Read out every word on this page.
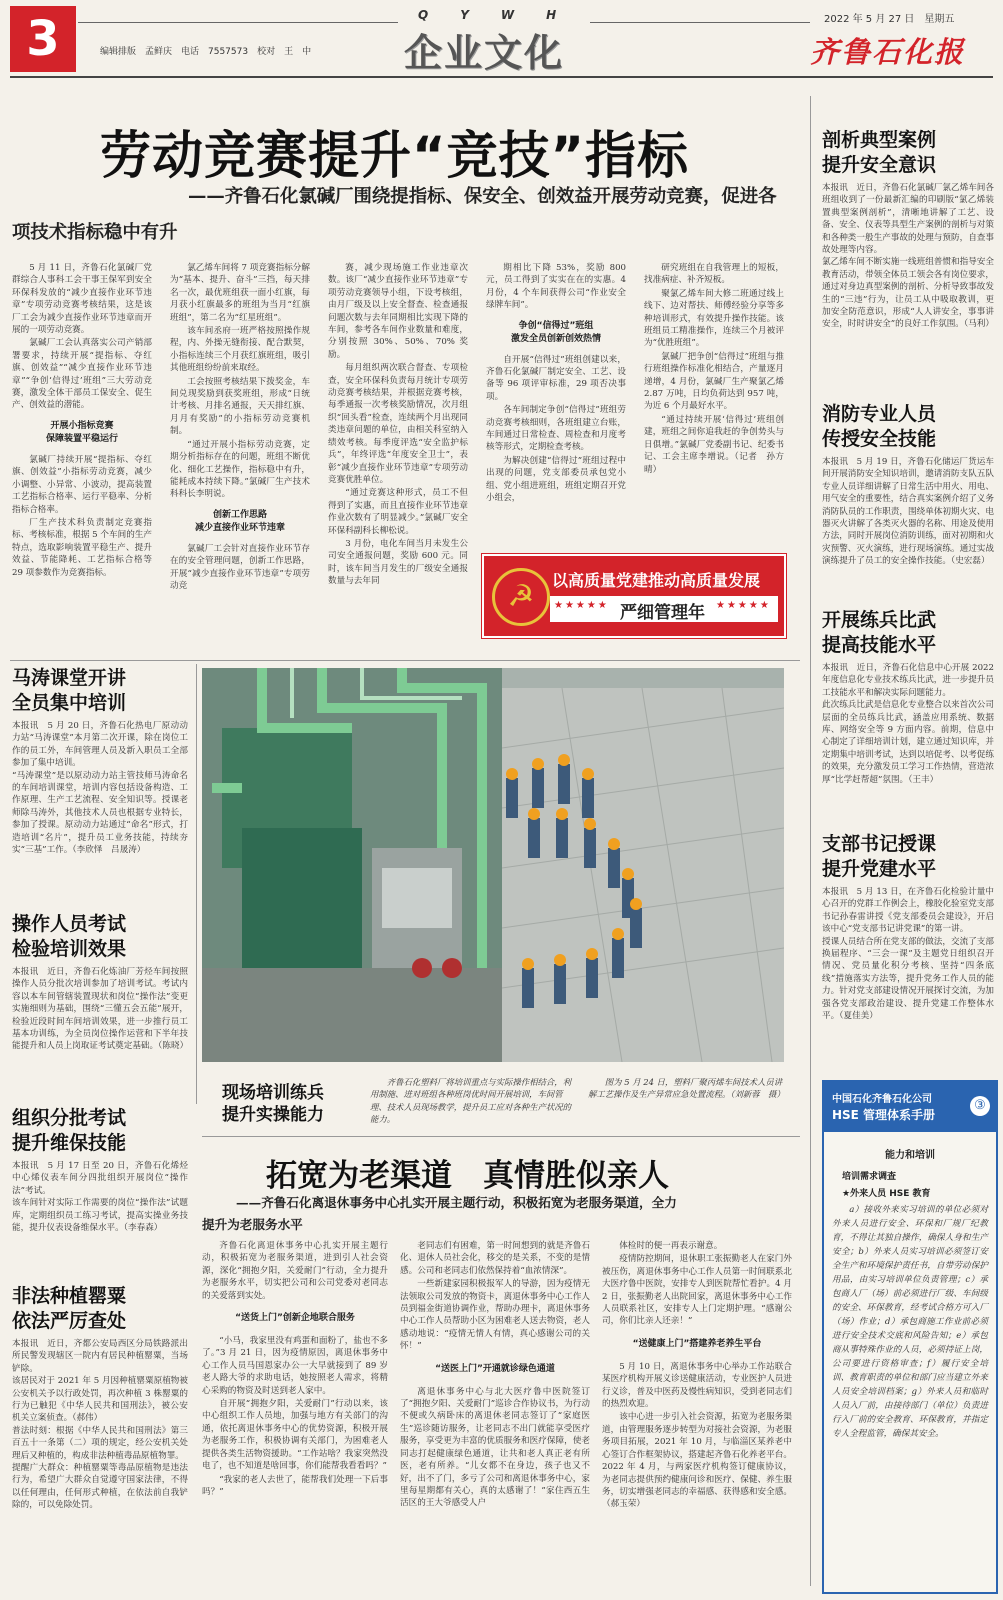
3	编辑排版　孟鲜庆　电话　7557573　校对　王　中
Q　Y　W　H
企业文化
2022 年 5 月 27 日　星期五
齐鲁石化报
劳动竞赛提升“竞技”指标
——齐鲁石化氯碱厂围绕提指标、保安全、创效益开展劳动竞赛，促进各
项技术指标稳中有升

5 月 11 日，齐鲁石化氯碱厂党群综合人事科工会干事王保军到安全环保科发放的“减少直接作业环节违章”专项劳动竞赛考核结果，这是该厂工会为减少直接作业环节违章而开展的一项劳动竞赛。

氯碱厂工会认真落实公司产销部署要求，持续开展“提指标、夺红旗、创效益”“减少直接作业环节违章”“争创‘信得过’班组”三大劳动竞赛，激发全体干部员工保安全、促生产、创效益的潜能。

开展小指标竞赛
保障装置平稳运行

氯碱厂持续开展“提指标、夺红旗、创效益”小指标劳动竞赛，减少小调整、小异常、小波动，提高装置工艺指标合格率、运行平稳率、分析指标合格率。

厂生产技术科负责制定竞赛指标、考核标准，根据 5 个车间的生产特点，选取影响装置平稳生产、提升效益、节能降耗、工艺指标合格等 29 项参数作为竞赛指标。

氯乙烯车间将 7 项竞赛指标分解为“基本、提升、奋斗”三挡，每天排名一次，最优班组获一面小红旗，每月获小红旗最多的班组为当月“红旗班组”，第二名为“红星班组”。

该车间丞府一班严格按照操作规程，内、外操无缝衔接、配合默契，小指标连续三个月获红旗班组，吸引其他班组纷纷前来取经。

工会按照考核结果下拨奖金，车间兑现奖励到获奖班组，形成“日统计考核、月排名通报，天天排红旗、月月有奖励”的小指标劳动竞赛机制。

“通过开展小指标劳动竞赛，定期分析指标存在的问题，班组不断优化、细化工艺操作，指标稳中有升，能耗成本持续下降。”氯碱厂生产技术科科长李明说。

创新工作思路
减少直接作业环节违章

氯碱厂工会针对直接作业环节存在的安全管理问题，创新工作思路，开展“减少直接作业环节违章”专项劳动竞

赛，减少现场施工作业违章次数。该厂“减少直接作业环节违章”专项劳动竞赛领导小组，下设考核组，由月厂级及以上安全督查、检查通报问题次数与去年同期相比实现下降的车间，参考各车间作业数量和难度，分别按照 30%、50%、70% 奖励。

每月组织两次联合督查、专项检查，安全环保科负责每月统计专项劳动竞赛考核结果，并根据竞赛考核，每季通报一次考核奖励情况，次月组织“回头看”检查，连续两个月出现同类违章问题的单位，由相关科室纳入绩效考核。每季度评选“安全监护标兵”，年终评选“年度安全卫士”，表彰“减少直接作业环节违章”专项劳动竞赛优胜单位。

“通过竞赛这种形式，员工不但得到了实惠，而且直接作业环节违章作业次数有了明显减少。”氯碱厂安全环保科副科长柳松说。

3 月份，电化车间当月未发生公司安全通报问题，奖励 600 元。同时，该车间当月发生的厂级安全通报数量与去年同

期相比下降 53%，奖励 800 元，员工得到了实实在在的实惠。4 月份，4 个车间获得公司“作业安全绿牌车间”。

争创“信得过”班组
激发全员创新创效热情

自开展“信得过”班组创建以来，齐鲁石化氯碱厂制定安全、工艺、设备等 96 项评审标准，29 项否决事项。

各车间制定争创“信得过”班组劳动竞赛考核细则，各班组建立台账，车间通过日常检查、周检查和月度考核等形式，定期检查考核。

为解决创建“信得过”班组过程中出现的问题，党支部委员承包党小组、党小组进班组，班组定期召开党小组会，

研究班组在自我管理上的短板，找准病症、补齐短板。

聚氯乙烯车间大修二班通过线上线下、边对帮扶、师傅经验分享等多种培训形式，有效提升操作技能。该班组员工精准操作，连续三个月被评为“优胜班组”。

氯碱厂把争创“信得过”班组与推行班组操作标准化相结合，产量逐月递增，4 月份，氯碱厂生产聚氯乙烯 2.87 万吨，日均负荷达到 957 吨，为近 6 个月最好水平。

“通过持续开展‘信得过’班组创建，班组之间你追我赶的争创势头与日俱增。”氯碱厂党委副书记、纪委书记、工会主席李增说。（记者　孙方晴）

☭	以高质量党建推动高质量发展
★★★★★ 严细管理年 ★★★★★
现场培训练兵
提升实操能力
齐鲁石化塑料厂将培训重点与实际操作相结合，利用制施、进对班组各种班岗优时间开展培训，车间管理、技术人员现场教学，提升员工应对各种生产状况的能力。
图为 5 月 24 日，塑料厂聚丙烯车间技术人员讲解工艺操作及生产异常应急处置流程。（刘新蓉　摄）
马涛课堂开讲
全员集中培训
本报讯　5 月 20 日，齐鲁石化热电厂原动动力站“马涛课堂”本月第二次开课，除在岗位工作的员工外，车间管理人员及新入职员工全部参加了集中培训。
“马涛课堂”是以原动动力站主管技师马涛命名的车间培训课堂，培训内容包括设备构造、工作原理、生产工艺流程、安全知识等。授课老师除马涛外，其他技术人员也根据专业特长，参加了授课。原动动力站通过“命名”形式，打造培训“名片”，提升员工业务技能，持续夯实“三基”工作。（李欣怿　吕晟涛）
操作人员考试
检验培训效果
本报讯　近日，齐鲁石化炼油厂芳烃车间按照操作人员分批次培训参加了培训考试。考试内容以本车间管辖装置现状和岗位“操作法”变更实施细则为基础，围绕“三懂五会五能”展开，检验近段时间车间培训效果，进一步推行员工基本功训练，为全员岗位操作运营和下半年技能提升和人员上岗取证考试奠定基础。（陈晓）
组织分批考试
提升维保技能
本报讯　5 月 17 日至 20 日，齐鲁石化烯烃中心烯仪表车间分四批组织开展岗位“操作法”考试。
该车间针对实际工作需要的岗位“操作法”试题库，定期组织员工练习考试，提高实操业务技能，提升仪表设备维保水平。（李春森）
非法种植罂粟
依法严厉查处
本报讯　近日，齐都公安局西区分局铁路派出所民警发现辖区一院内有居民种植罂粟，当场铲除。
该居民对于 2021 年 5 月因种植罂粟原植物被公安机关予以行政处罚，再次种植 3 株罂粟的行为已触犯《中华人民共和国刑法》，被公安机关立案侦查。（郝伟）
普法时刻：根据《中华人民共和国刑法》第三百五十一条第（二）项的规定，经公安机关处理后又种植的，构成非法种植毒品原植物罪。
提醒广大群众：种植罂粟等毒品原植物是违法行为，希望广大群众自觉遵守国家法律，不得以任何理由，任何形式种植，在依法前自我铲除的，可以免除处罚。
剖析典型案例
提升安全意识
本报讯　近日，齐鲁石化氯碱厂氯乙烯车间各班组收到了一份最新汇编的印刷版“氯乙烯装置典型案例剖析”，清晰地讲解了工艺、设备、安全、仪表等具型生产案例的剖析与对策和各种类一般生产事故的处理与预防，自查事故处理等内容。
氯乙烯车间不断实施一线班组普惯和指导安全教育活动，带领全体员工领会各有岗位要求，通过对身边真型案例的剖析、分析导致事故发生的“三违”行为，让员工从中吸取教训，更加安全防范意识，形成“人人讲安全，事事讲安全，时时讲安全”的良好工作氛围。（马利）
消防专业人员
传授安全技能
本报讯　5 月 19 日，齐鲁石化储运厂货运车间开展消防安全知识培训，邀请消防支队五队专业人员详细讲解了日常生活中用火、用电、用气安全的重要性，结合真实案例介绍了义务消防队员的工作职责，围绕单体初期火灾、电器灭火讲解了各类灭火器的名称、用途及使用方法，同时开展岗位消防训练，面对初期和火灾预警、灭火演练，进行现场演练。通过实战演练提升了员工的安全操作技能。（史宏磊）
开展练兵比武
提高技能水平
本报讯　近日，齐鲁石化信息中心开展 2022 年度信息化专业技术练兵比武，进一步提升员工技能水平和解决实际问题能力。
此次练兵比武是信息化专业整合以来首次公司层面的全员练兵比武，涵盖应用系统、数据库、网络安全等 9 方面内容。前期，信息中心制定了详细培训计划，建立通过知识库，并定期集中培训考试，达到以培促考、以考促练的效果，充分激发员工学习工作热情，营造浓厚“比学赶帮超”氛围。（王丰）
支部书记授课
提升党建水平
本报讯　5 月 13 日，在齐鲁石化检验计量中心召开的党群工作例会上，橡胶化验室党支部书记孙春雷讲授《党支部委员会建设》，开启该中心“党支部书记讲党课”的第一讲。
授课人员结合所在党支部的做法，交流了支部换届程序、“三会一课”及主题党日组织召开情况、党员量化积分考核、坚持“四条底线”措施落实方法等，提升党务工作人员的能力。针对党支部建设情况开展探讨交流，为加强各党支部政治建设、提升党建工作整体水平。（夏佳美）
中国石化齐鲁石化公司
HSE 管理体系手册
③
能力和培训
培训需求调查
★外来人员 HSE 教育
a）接收外来实习培训的单位必须对外来人员进行安全、环保和厂规厂纪教育，不得让其独自操作，确保人身和生产安全；b）外来人员实习培训必须签订安全生产和环境保护责任书，自带劳动保护用品，由实习培训单位负责管理；c）承包商人厂（场）前必须进行厂级、车间级的安全、环保教育，经考试合格方可入厂（场）作业；d）承包商施工作业前必须进行安全技术交底和风险告知；e）承包商从事特殊作业的人员，必须持证上岗，公司要进行资格审查；f）履行安全培训、教育职责的单位和部门应当建立外来人员安全培训档案；g）外来人员和临时人员入厂前，由接待部门（单位）负责进行入厂前的安全教育、环保教育，并指定专人全程监管，确保其安全。
拓宽为老渠道　真情胜似亲人
——齐鲁石化离退休事务中心扎实开展主题行动，积极拓宽为老服务渠道，全力
提升为老服务水平

齐鲁石化离退休事务中心扎实开展主题行动，积极拓宽为老服务渠道，进到引人社会资源，深化“拥抱夕阳，关爱耐门”行动，全力提升为老服务水平，切实把公司和公司党委对老同志的关爱落到实处。

“送货上门”创新企地联合服务

“小马，我家里没有鸡蛋和面粉了，盐也不多了。”3 月 21 日，因为疫情原因，离退休事务中心工作人员马国恩家办公一大早就接到了 89 岁老人路大爷的求助电话，她按照老人需求，将精心采购的物资及时送到老人家中。

自开展“拥抱夕阳，关爱耐门”行动以来，该中心组织工作人员地，加强与地方有关部门的沟通，依托离退休事务中心的优势资源，积极开展为老服务工作，积极协调有关部门，为困难老人提供各类生活物资援助。“工作站啥？我家突然没电了，也不知道是啥回事，你们能帮我看看吗？”

“我家的老人去世了，能帮我们处理一下后事吗？”

老同志们有困难，第一时间想到的就是齐鲁石化、退休人员社会化，移交的是关系，不变的是情感。公司和老同志们依然保持着“血浓情深”。

一些新建家园积极报军人的导游，因为疫情无法领取公司发放的物资卡，离退休事务中心工作人员到福金街道协调作业，帮助办理卡，离退休事务中心工作人员帮助小区为困难老人送去物资，老人感动地说：“疫情无情人有情，真心感谢公司的关怀！”

“送医上门”开通就诊绿色通道

离退休事务中心与北大医疗鲁中医院签订了“拥抱夕阳、关爱耐门”巡诊合作协议书，为行动不便或久病卧床的离退休老同志签订了“家庭医生”巡诊随访服务，让老同志不出门就能享受医疗服务，享受更为丰富的优质服务和医疗保障，使老同志打起健康绿色通道，让共和老人真正老有所医，老有所养。“儿女都不在身边，孩子也又不好，出不了门，多亏了公司和离退休事务中心，家里每星期都有关心，真的太感谢了！”家住西五生活区的王大爷感受人户

体检时的便一再表示谢意。

疫情防控期间，退休职工张振勤老人在家门外被压伤，离退休事务中心工作人员第一时间联系北大医疗鲁中医院，安排专人到医院帮忙看护。4 月 2 日，张振勤老人出院回家，离退休事务中心工作人员联系社区，安排专人上门定期护理。“感谢公司，你们比亲人还亲！”

“送健康上门”搭建养老养生平台

5 月 10 日，离退休事务中心举办工作站联合某医疗机构开展义诊送健康活动，专业医护人员进行义诊，普及中医药及慢性病知识，受到老同志们的热烈欢迎。

该中心进一步引入社会资源，拓宽为老服务渠道，由管理服务逐步转型为对接社会资源，为老服务项目拓展，2021 年 10 月，与临淄区某养老中心签订合作框架协议，搭建起齐鲁石化养老平台。2022 年 4 月，与两家医疗机构签订健康协议，为老同志提供预约健康问诊和医疗、保健、养生服务，切实增强老同志的幸福感、获得感和安全感。（郝玉荣）
